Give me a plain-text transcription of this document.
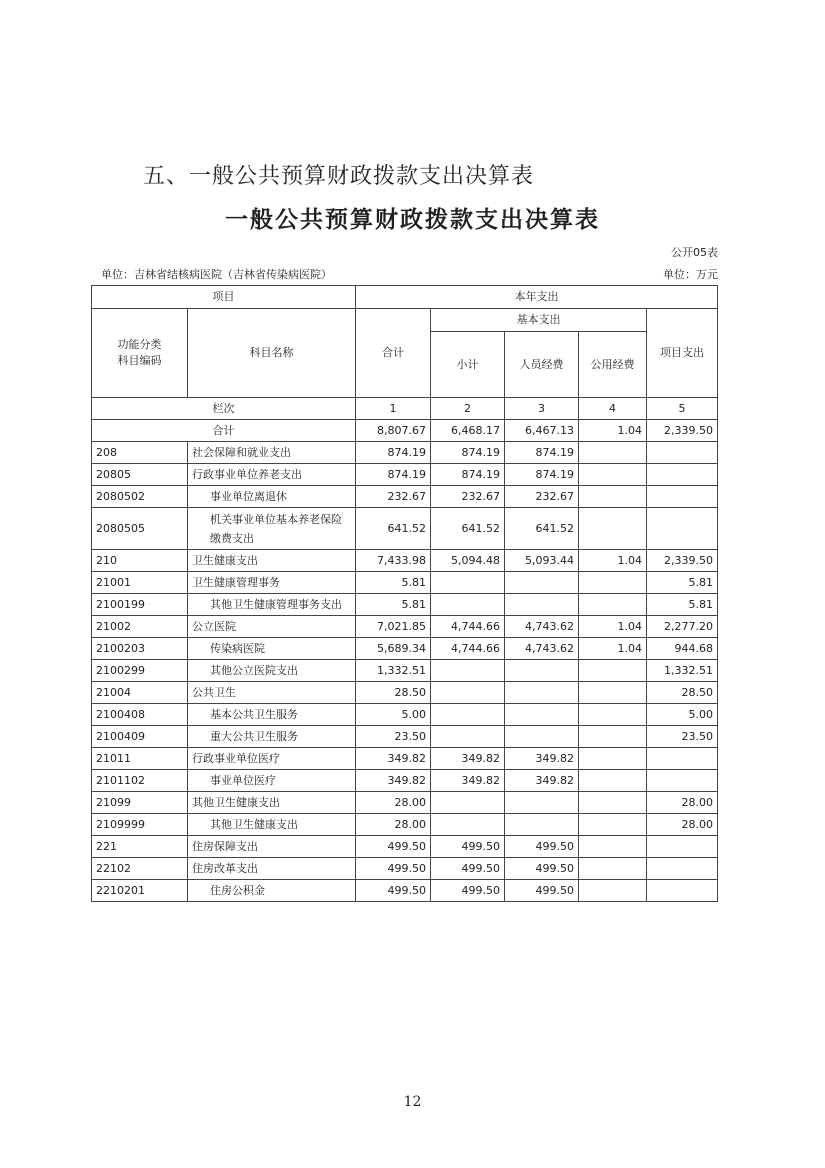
五、一般公共预算财政拨款支出决算表
一般公共预算财政拨款支出决算表
公开05表
单位：吉林省结核病医院（吉林省传染病医院）	单位：万元
项目		本年支出				
功能分类
科目编码	科目名称	合计	基本支出			项目支出
			小计	人员经费	公用经费	
栏次		1	2	3	4	5
合计		8,807.67	6,468.17	6,467.13	1.04	2,339.50
208	社会保障和就业支出	874.19	874.19	874.19		
20805	行政事业单位养老支出	874.19	874.19	874.19		
2080502	事业单位离退休	232.67	232.67	232.67		
2080505	机关事业单位基本养老保险缴费支出	641.52	641.52	641.52		
210	卫生健康支出	7,433.98	5,094.48	5,093.44	1.04	2,339.50
21001	卫生健康管理事务	5.81				5.81
2100199	其他卫生健康管理事务支出	5.81				5.81
21002	公立医院	7,021.85	4,744.66	4,743.62	1.04	2,277.20
2100203	传染病医院	5,689.34	4,744.66	4,743.62	1.04	944.68
2100299	其他公立医院支出	1,332.51				1,332.51
21004	公共卫生	28.50				28.50
2100408	基本公共卫生服务	5.00				5.00
2100409	重大公共卫生服务	23.50				23.50
21011	行政事业单位医疗	349.82	349.82	349.82		
2101102	事业单位医疗	349.82	349.82	349.82		
21099	其他卫生健康支出	28.00				28.00
2109999	其他卫生健康支出	28.00				28.00
221	住房保障支出	499.50	499.50	499.50		
22102	住房改革支出	499.50	499.50	499.50		
2210201	住房公积金	499.50	499.50	499.50		
12
